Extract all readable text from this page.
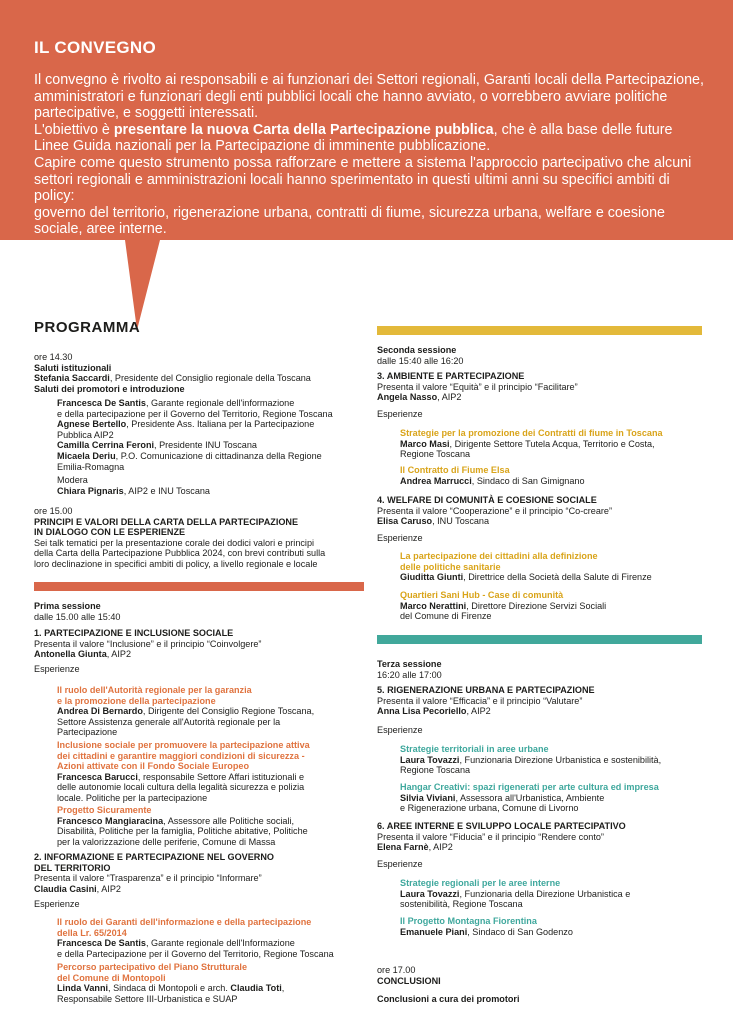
IL CONVEGNO

Il convegno è rivolto ai responsabili e ai funzionari dei Settori regionali, Garanti locali della Partecipazione, amministratori e funzionari degli enti pubblici locali che hanno avviato, o vorrebbero avviare politiche partecipative, e soggetti interessati.

L'obiettivo è presentare la nuova Carta della Partecipazione pubblica, che è alla base delle future Linee Guida nazionali per la Partecipazione di imminente pubblicazione.

Capire come questo strumento possa rafforzare e mettere a sistema l'approccio partecipativo che alcuni settori regionali e amministrazioni locali hanno sperimentato in questi ultimi anni su specifici ambiti di policy:

governo del territorio, rigenerazione urbana, contratti di fiume, sicurezza urbana, welfare e coesione sociale, aree interne.

PROGRAMMA
ore 14.30
Saluti istituzionali
Stefania Saccardi, Presidente del Consiglio regionale della Toscana
Saluti dei promotori e introduzione
Francesca De Santis, Garante regionale dell'informazione
e della partecipazione per il Governo del Territorio, Regione Toscana
Agnese Bertello, Presidente Ass. Italiana per la Partecipazione
Pubblica AIP2
Camilla Cerrina Feroni, Presidente INU Toscana
Micaela Deriu, P.O. Comunicazione di cittadinanza della Regione
Emilia-Romagna
Modera
Chiara Pignaris, AIP2 e INU Toscana
ore 15.00
PRINCIPI E VALORI DELLA CARTA DELLA PARTECIPAZIONE
IN DIALOGO CON LE ESPERIENZE
Sei talk tematici per la presentazione corale dei dodici valori e principi
della Carta della Partecipazione Pubblica 2024, con brevi contributi sulla
loro declinazione in specifici ambiti di policy, a livello regionale e locale
Prima sessione
dalle 15.00 alle 15:40
1. PARTECIPAZIONE E INCLUSIONE SOCIALE
Presenta il valore “Inclusione” e il principio “Coinvolgere”
Antonella Giunta, AIP2
Esperienze
Il ruolo dell'Autorità regionale per la garanzia
e la promozione della partecipazione
Andrea Di Bernardo, Dirigente del Consiglio Regione Toscana,
Settore Assistenza generale all'Autorità regionale per la
Partecipazione
Inclusione sociale per promuovere la partecipazione attiva
dei cittadini e garantire maggiori condizioni di sicurezza -
Azioni attivate con il Fondo Sociale Europeo
Francesca Barucci, responsabile Settore Affari istituzionali e
delle autonomie locali cultura della legalità sicurezza e polizia
locale. Politiche per la partecipazione
Progetto Sicuramente
Francesco Mangiaracina, Assessore alle Politiche sociali,
Disabilità, Politiche per la famiglia, Politiche abitative, Politiche
per la valorizzazione delle periferie, Comune di Massa
2. INFORMAZIONE E PARTECIPAZIONE NEL GOVERNO
DEL TERRITORIO
Presenta il valore “Trasparenza” e il principio “Informare”
Claudia Casini, AIP2
Esperienze
Il ruolo dei Garanti dell'informazione e della partecipazione
della Lr. 65/2014
Francesca De Santis, Garante regionale dell'Informazione
e della Partecipazione per il Governo del Territorio, Regione Toscana
Percorso partecipativo del Piano Strutturale
del Comune di Montopoli
Linda Vanni, Sindaca di Montopoli e arch. Claudia Toti,
Responsabile Settore III-Urbanistica e SUAP
Seconda sessione
dalle 15:40 alle 16:20
3. AMBIENTE E PARTECIPAZIONE
Presenta il valore “Equità” e il principio “Facilitare”
Angela Nasso, AIP2
Esperienze
Strategie per la promozione dei Contratti di fiume in Toscana
Marco Masi, Dirigente Settore Tutela Acqua, Territorio e Costa,
Regione Toscana
Il Contratto di Fiume Elsa
Andrea Marrucci, Sindaco di San Gimignano
4. WELFARE DI COMUNITÀ E COESIONE SOCIALE
Presenta il valore “Cooperazione” e il principio “Co-creare”
Elisa Caruso, INU Toscana
Esperienze
La partecipazione dei cittadini alla definizione
delle politiche sanitarie
Giuditta Giunti, Direttrice della Società della Salute di Firenze
Quartieri Sani Hub - Case di comunità
Marco Nerattini, Direttore Direzione Servizi Sociali
del Comune di Firenze
Terza sessione
16:20 alle 17:00
5. RIGENERAZIONE URBANA E PARTECIPAZIONE
Presenta il valore “Efficacia” e il principio “Valutare”
Anna Lisa Pecoriello, AIP2
Esperienze
Strategie territoriali in aree urbane
Laura Tovazzi, Funzionaria Direzione Urbanistica e sostenibilità,
Regione Toscana
Hangar Creativi: spazi rigenerati per arte cultura ed impresa
Silvia Viviani, Assessora all'Urbanistica, Ambiente
e Rigenerazione urbana, Comune di Livorno
6. AREE INTERNE E SVILUPPO LOCALE PARTECIPATIVO
Presenta il valore “Fiducia” e il principio “Rendere conto”
Elena Farnè, AIP2
Esperienze
Strategie regionali per le aree interne
Laura Tovazzi, Funzionaria della Direzione Urbanistica e
sostenibilità, Regione Toscana
Il Progetto Montagna Fiorentina
Emanuele Piani, Sindaco di San Godenzo
ore 17.00
CONCLUSIONI
Conclusioni a cura dei promotori
